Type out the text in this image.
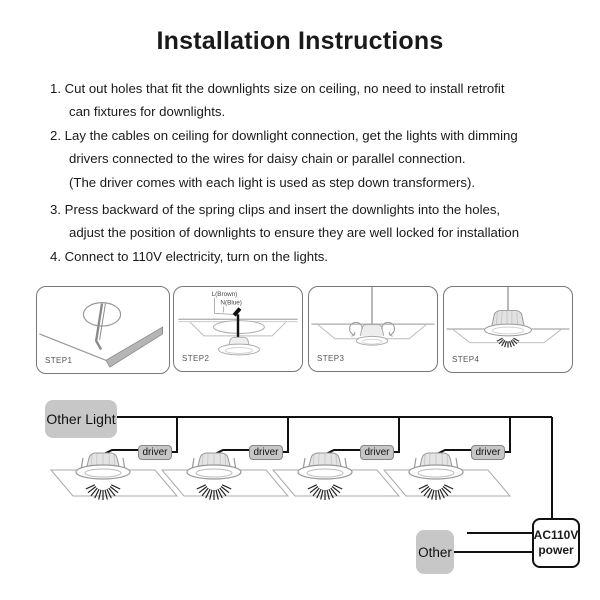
Installation Instructions

1. Cut out holes that fit the downlights size on ceiling, no need to install retrofit
can fixtures for downlights.

2. Lay the cables on ceiling for downlight connection, get the lights with dimming
drivers connected to the wires for daisy chain or parallel connection.
(The driver comes with each light is used as step down transformers).

3. Press backward of the spring clips and insert the downlights into the holes,
adjust the position of downlights to ensure they are well locked for installation

4. Connect to 110V electricity, turn on the lights.

STEP1
L(Brown)
N(Blue)
STEP2	STEP3	STEP4
Other Light
driver	driver	driver	driver
Other
AC110V
power
